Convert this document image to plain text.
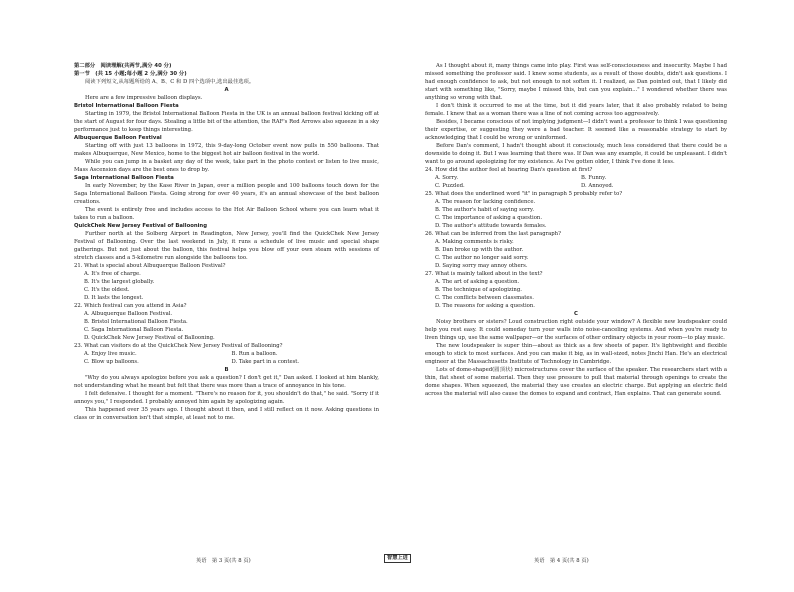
第二部分　阅读理解(共两节,满分 40 分)

第一节　(共 15 小题;每小题 2 分,满分 30 分)

阅读下列短文,从每题所给的 A、B、C 和 D 四个选项中,选出最佳选项。

A

Here are a few impressive balloon displays.

Bristol International Balloon Fiesta

Starting in 1979, the Bristol International Balloon Fiesta in the UK is an annual balloon festival kicking off at the start of August for four days. Stealing a little bit of the attention, the RAF's Red Arrows also squeeze in a sky performance just to keep things interesting.

Albuquerque Balloon Festival

Starting off with just 13 balloons in 1972, this 9-day-long October event now pulls in 550 balloons. That makes Albuquerque, New Mexico, home to the biggest hot air balloon festival in the world.

While you can jump in a basket any day of the week, take part in the photo contest or listen to live music, Mass Ascension days are the best ones to drop by.

Saga International Balloon Fiesta

In early November, by the Kase River in Japan, over a million people and 100 balloons touch down for the Saga International Balloon Fiesta. Going strong for over 40 years, it's an annual showcase of the best balloon creations.

The event is entirely free and includes access to the Hot Air Balloon School where you can learn what it takes to run a balloon.

QuickChek New Jersey Festival of Ballooning

Further north at the Solberg Airport in Readington, New Jersey, you'll find the QuickChek New Jersey Festival of Ballooning. Over the last weekend in July, it runs a schedule of live music and special shape gatherings. But not just about the balloon, this festival helps you blow off your own steam with sessions of stretch classes and a 5-kilometre run alongside the balloons too.

21. What is special about Albuquerque Balloon Festival?

A. It's free of charge.

B. It's the largest globally.

C. It's the oldest.

D. It lasts the longest.

22. Which festival can you attend in Asia?

A. Albuquerque Balloon Festival.

B. Bristol International Balloon Fiesta.

C. Saga International Balloon Fiesta.

D. QuickChek New Jersey Festival of Ballooning.

23. What can visitors do at the QuickChek New Jersey Festival of Ballooning?

A. Enjoy live music.	B. Run a balloon.
C. Blow up balloons.	D. Take part in a contest.

B

"Why do you always apologize before you ask a question? I don't get it," Dan asked. I looked at him blankly, not understanding what he meant but felt that there was more than a trace of annoyance in his tone.

I felt defensive. I thought for a moment. "There's no reason for it, you shouldn't do that," he said. "Sorry if it annoys you," I responded. I probably annoyed him again by apologizing again.

This happened over 35 years ago. I thought about it then, and I still reflect on it now. Asking questions in class or in conversation isn't that simple, at least not to me.

英语　第 3 页(共 8 页)	智慧上进

As I thought about it, many things came into play. First was self-consciousness and insecurity. Maybe I had missed something the professor said. I knew some students, as a result of those doubts, didn't ask questions. I had enough confidence to ask, but not enough to not soften it. I realized, as Dan pointed out, that I likely did start with something like, "Sorry, maybe I missed this, but can you explain..." I wondered whether there was anything so wrong with that.

I don't think it occurred to me at the time, but it did years later, that it also probably related to being female. I knew that as a woman there was a line of not coming across too aggressively.

Besides, I became conscious of not implying judgment—I didn't want a professor to think I was questioning their expertise, or suggesting they were a bad teacher. It seemed like a reasonable strategy to start by acknowledging that I could be wrong or uninformed.

Before Dan's comment, I hadn't thought about it consciously, much less considered that there could be a downside to doing it. But I was learning that there was. If Dan was any example, it could be unpleasant. I didn't want to go around apologizing for my existence. As I've gotten older, I think I've done it less.

24. How did the author feel at hearing Dan's question at first?

A. Sorry.	B. Funny.
C. Puzzled.	D. Annoyed.

25. What does the underlined word "it" in paragraph 5 probably refer to?

A. The reason for lacking confidence.

B. The author's habit of saying sorry.

C. The importance of asking a question.

D. The author's attitude towards females.

26. What can be inferred from the last paragraph?

A. Making comments is risky.

B. Dan broke up with the author.

C. The author no longer said sorry.

D. Saying sorry may annoy others.

27. What is mainly talked about in the text?

A. The art of asking a question.

B. The technique of apologizing.

C. The conflicts between classmates.

D. The reasons for asking a question.

C

Noisy brothers or sisters? Loud construction right outside your window? A flexible new loudspeaker could help you rest easy. It could someday turn your walls into noise-canceling systems. And when you're ready to liven things up, use the same wallpaper—or the surfaces of other ordinary objects in your room—to play music.

The new loudspeaker is super thin—about as thick as a few sheets of paper. It's lightweight and flexible enough to stick to most surfaces. And you can make it big, as in wall-sized, notes Jinchi Han. He's an electrical engineer at the Massachusetts Institute of Technology in Cambridge.

Lots of dome-shaped(圆顶状) microstructures cover the surface of the speaker. The researchers start with a thin, flat sheet of some material. Then they use pressure to pull that material through openings to create the dome shapes. When squeezed, the material they use creates an electric charge. But applying an electric field across the material will also cause the domes to expand and contract, Han explains. That can generate sound.

英语　第 4 页(共 8 页)
